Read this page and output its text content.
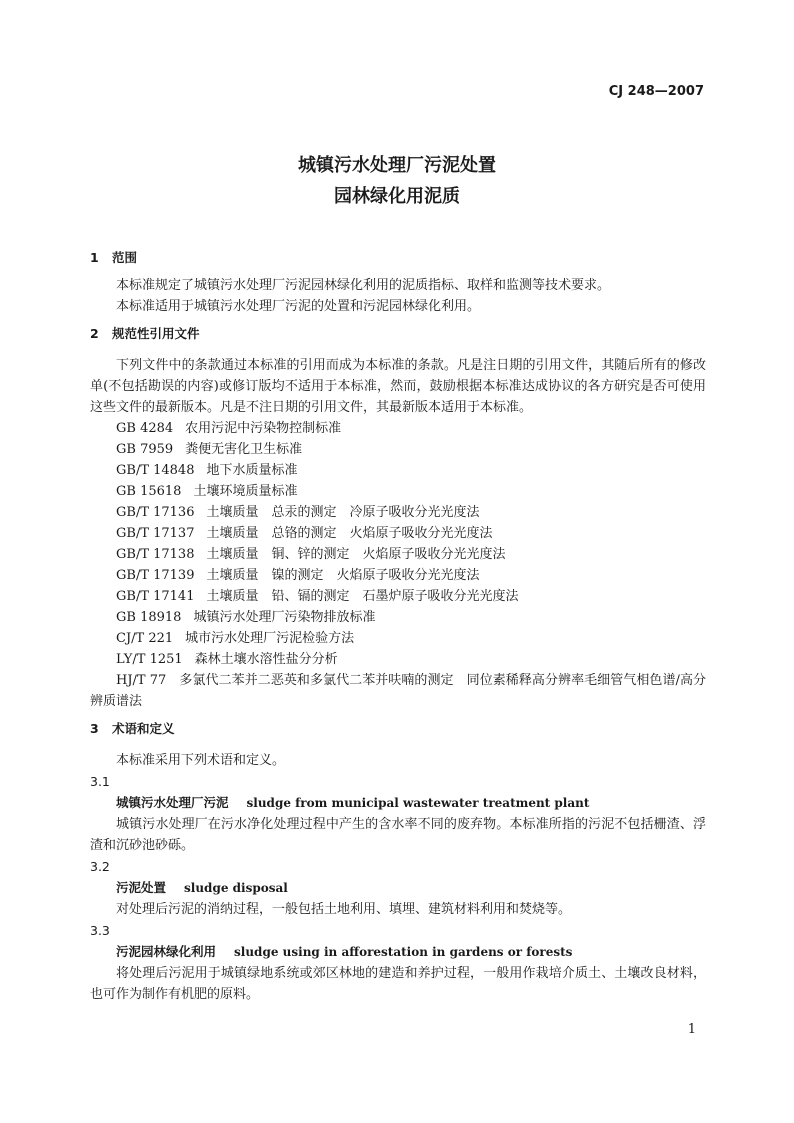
CJ 248—2007
城镇污水处理厂污泥处置
园林绿化用泥质
1 范围
本标准规定了城镇污水处理厂污泥园林绿化利用的泥质指标、取样和监测等技术要求。
本标准适用于城镇污水处理厂污泥的处置和污泥园林绿化利用。
2 规范性引用文件
下列文件中的条款通过本标准的引用而成为本标准的条款。凡是注日期的引用文件，其随后所有的修改单(不包括勘误的内容)或修订版均不适用于本标准，然而，鼓励根据本标准达成协议的各方研究是否可使用这些文件的最新版本。凡是不注日期的引用文件，其最新版本适用于本标准。
GB 4284 农用污泥中污染物控制标准
GB 7959 粪便无害化卫生标准
GB/T 14848 地下水质量标准
GB 15618 土壤环境质量标准
GB/T 17136 土壤质量　总汞的测定　冷原子吸收分光光度法
GB/T 17137 土壤质量　总铬的测定　火焰原子吸收分光光度法
GB/T 17138 土壤质量　铜、锌的测定　火焰原子吸收分光光度法
GB/T 17139 土壤质量　镍的测定　火焰原子吸收分光光度法
GB/T 17141 土壤质量　铅、镉的测定　石墨炉原子吸收分光光度法
GB 18918 城镇污水处理厂污染物排放标准
CJ/T 221 城市污水处理厂污泥检验方法
LY/T 1251 森林土壤水溶性盐分分析
HJ/T 77　多氯代二苯并二恶英和多氯代二苯并呋喃的测定　同位素稀释高分辨率毛细管气相色谱/高分辨质谱法
3 术语和定义
本标准采用下列术语和定义。
3.1
城镇污水处理厂污泥 sludge from municipal wastewater treatment plant
城镇污水处理厂在污水净化处理过程中产生的含水率不同的废弃物。本标准所指的污泥不包括栅渣、浮渣和沉砂池砂砾。
3.2
污泥处置 sludge disposal
对处理后污泥的消纳过程，一般包括土地利用、填埋、建筑材料利用和焚烧等。
3.3
污泥园林绿化利用 sludge using in afforestation in gardens or forests
将处理后污泥用于城镇绿地系统或郊区林地的建造和养护过程，一般用作栽培介质土、土壤改良材料，也可作为制作有机肥的原料。
1
